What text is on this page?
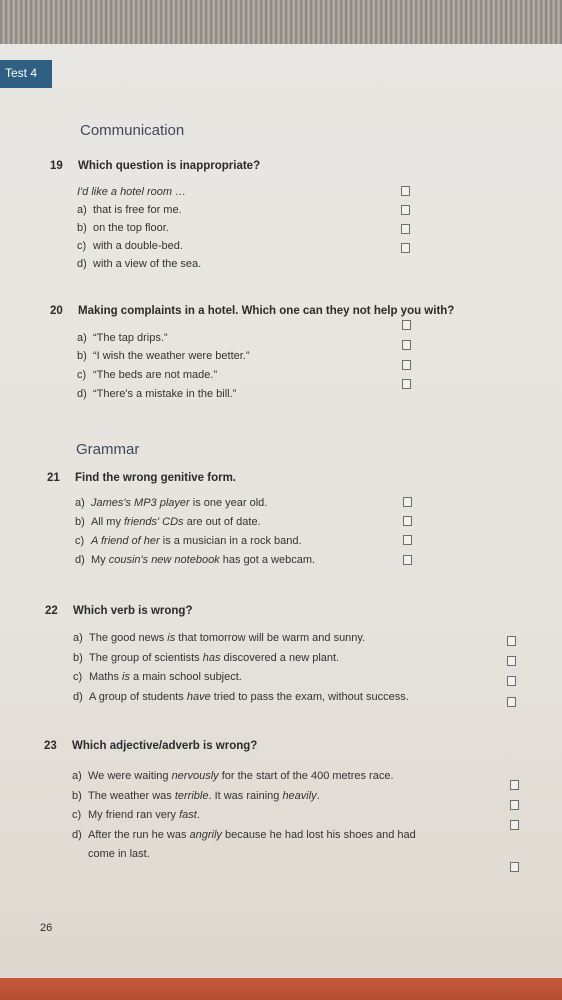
Test 4
Communication
19 Which question is inappropriate?
I'd like a hotel room …
a) that is free for me.
b) on the top floor.
c) with a double-bed.
d) with a view of the sea.
20 Making complaints in a hotel. Which one can they not help you with?
a) “The tap drips.”
b) “I wish the weather were better.”
c) “The beds are not made.”
d) “There's a mistake in the bill.”
Grammar
21 Find the wrong genitive form.
a) James's MP3 player is one year old.
b) All my friends' CDs are out of date.
c) A friend of her is a musician in a rock band.
d) My cousin's new notebook has got a webcam.
22 Which verb is wrong?
a) The good news is that tomorrow will be warm and sunny.
b) The group of scientists has discovered a new plant.
c) Maths is a main school subject.
d) A group of students have tried to pass the exam, without success.
23 Which adjective/adverb is wrong?
a) We were waiting nervously for the start of the 400 metres race.
b) The weather was terrible. It was raining heavily.
c) My friend ran very fast.
d) After the run he was angrily because he had lost his shoes and had
come in last.
26
